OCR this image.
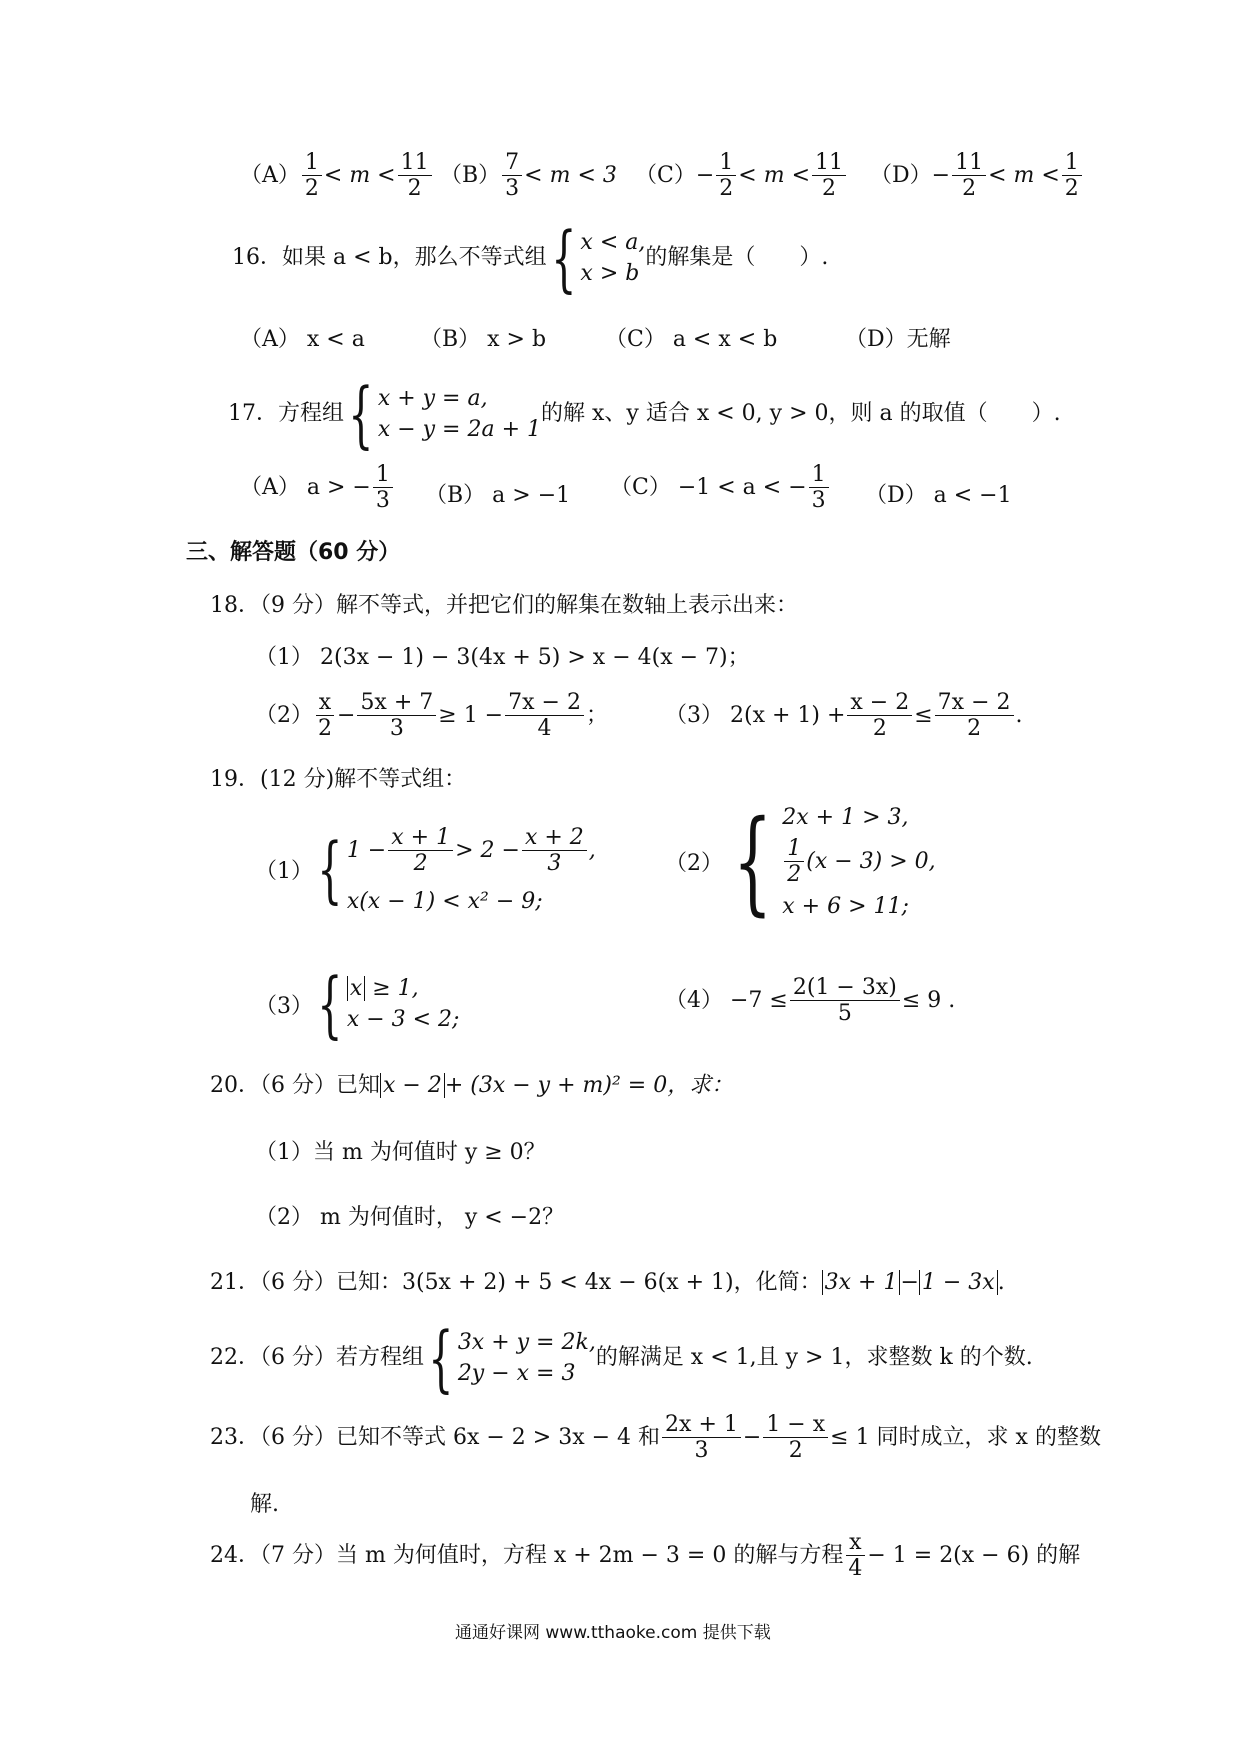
$(A) \frac{1}{2} < m < \frac{11}{2} (B) \frac{7}{3} < m < 3$ $(C)- \frac{1}{2} < m < \frac{11}{2} (D)- \frac{11}{2} < m < \frac{1}{2}$
16．如果 a < b，那么不等式组 { x < a,
x > b
的解集是（　　）.
（A） x < a	（B） x > b	（C） a < x < b	（D）无解
17．方程组 { x + y = a,
x − y = 2a + 1
的解 x、y 适合 x < 0, y > 0，则 a 的取值（　　）.
（A） a > − $\frac{1}{3} (B) a > -1$ （C） −1 < a < − $\frac{1}{3} (D) a < -1$
三、解答题（60 分）
18．（9 分）解不等式，并把它们的解集在数轴上表示出来：
（1） 2(3x − 1) − 3(4x + 5) > x − 4(x − 7)；
$(2) \frac{x}{2} - \frac{5x + 7}{3} \ge 1 - \frac{7x - 2}{4}$ ；	（3） $2(x + 1) + \frac{x - 2}{2} \le \frac{7x - 2}{2}$ .
19．(12 分)解不等式组：
（1） { $1 - \frac{x + 1}{2} > 2 - \frac{x + 2}{3}$ ,
x(x − 1) < x² − 9;
（2） { 2x + 1 > 3,
$\frac{1}{2} (x - 3) > 0$,
x + 6 > 11;
（3） { x ≥ 1,
x − 3 < 2;
$(4) -7 \le \frac{2(1 - 3x)}{5} \le 9$ .
20．（6 分）已知 x − 2 + (3x − y + m)² = 0，求：
（1）当 m 为何值时 y ≥ 0？
（2） m 为何值时， y < −2？
21．（6 分）已知：3(5x + 2) + 5 < 4x − 6(x + 1)，化简： 3x + 1 − 1 − 3x .
22．（6 分）若方程组 { 3x + y = 2k,
2y − x = 3
的解满足 x < 1,且 y > 1，求整数 k 的个数.
23．（6 分）已知不等式 6x − 2 > 3x − 4 和 $\frac{2x + 1}{3} - \frac{1 - x}{2} \le 1$ 同时成立，求 x 的整数
解.
24．（7 分）当 m 为何值时，方程 x + 2m − 3 = 0 的解与方程 $\frac{x}{4} - 1 = 2(x - 6)$ 的解
通通好课网 www.tthaoke.com 提供下载
